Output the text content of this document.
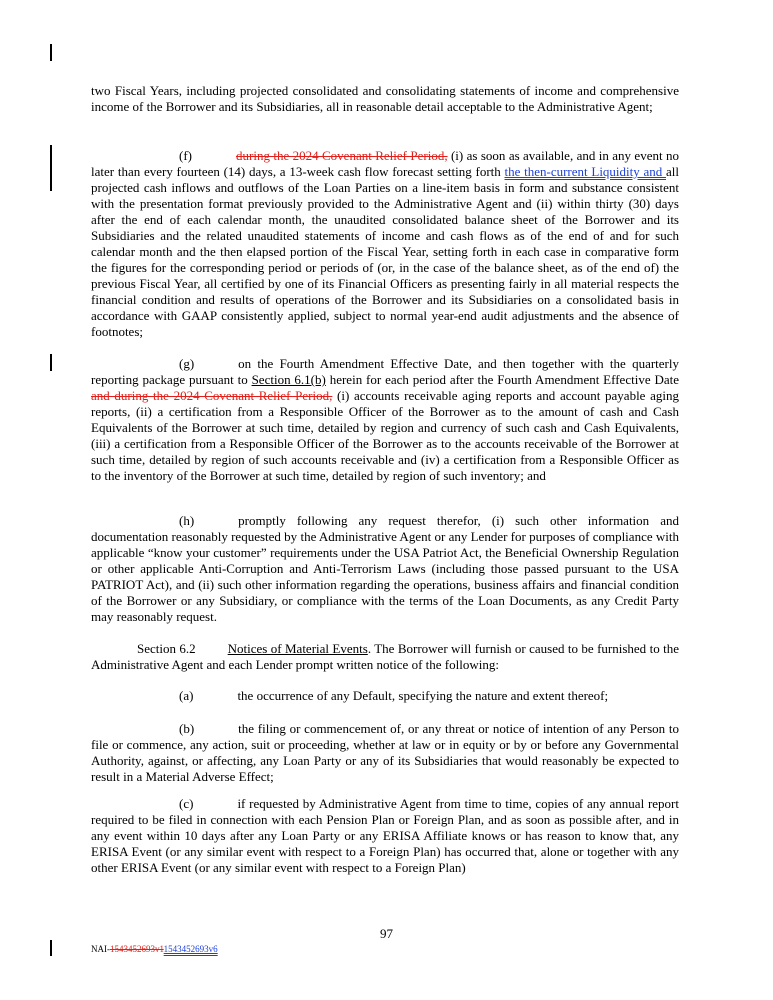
two Fiscal Years, including projected consolidated and consolidating statements of income and comprehensive income of the Borrower and its Subsidiaries, all in reasonable detail acceptable to the Administrative Agent;

(f)	during the 2024 Covenant Relief Period, (i) as soon as available, and in any event no later than every fourteen (14) days, a 13-week cash flow forecast setting forth the then-current Liquidity and all projected cash inflows and outflows of the Loan Parties on a line-item basis in form and substance consistent with the presentation format previously provided to the Administrative Agent and (ii) within thirty (30) days after the end of each calendar month, the unaudited consolidated balance sheet of the Borrower and its Subsidiaries and the related unaudited statements of income and cash flows as of the end of and for such calendar month and the then elapsed portion of the Fiscal Year, setting forth in each case in comparative form the figures for the corresponding period or periods of (or, in the case of the balance sheet, as of the end of) the previous Fiscal Year, all certified by one of its Financial Officers as presenting fairly in all material respects the financial condition and results of operations of the Borrower and its Subsidiaries on a consolidated basis in accordance with GAAP consistently applied, subject to normal year-end audit adjustments and the absence of footnotes;

(g)	on the Fourth Amendment Effective Date, and then together with the quarterly reporting package pursuant to Section 6.1(b) herein for each period after the Fourth Amendment Effective Date and during the 2024 Covenant Relief Period, (i) accounts receivable aging reports and account payable aging reports, (ii) a certification from a Responsible Officer of the Borrower as to the amount of cash and Cash Equivalents of the Borrower at such time, detailed by region and currency of such cash and Cash Equivalents, (iii) a certification from a Responsible Officer of the Borrower as to the accounts receivable of the Borrower at such time, detailed by region of such accounts receivable and (iv) a certification from a Responsible Officer as to the inventory of the Borrower at such time, detailed by region of such inventory; and

(h)	promptly following any request therefor, (i) such other information and documentation reasonably requested by the Administrative Agent or any Lender for purposes of compliance with applicable “know your customer” requirements under the USA Patriot Act, the Beneficial Ownership Regulation or other applicable Anti-Corruption and Anti-Terrorism Laws (including those passed pursuant to the USA PATRIOT Act), and (ii) such other information regarding the operations, business affairs and financial condition of the Borrower or any Subsidiary, or compliance with the terms of the Loan Documents, as any Credit Party may reasonably request.

Section 6.2 Notices of Material Events. The Borrower will furnish or caused to be furnished to the Administrative Agent and each Lender prompt written notice of the following:

(a)	the occurrence of any Default, specifying the nature and extent thereof;

(b)	the filing or commencement of, or any threat or notice of intention of any Person to file or commence, any action, suit or proceeding, whether at law or in equity or by or before any Governmental Authority, against, or affecting, any Loan Party or any of its Subsidiaries that would reasonably be expected to result in a Material Adverse Effect;

(c)	if requested by Administrative Agent from time to time, copies of any annual report required to be filed in connection with each Pension Plan or Foreign Plan, and as soon as possible after, and in any event within 10 days after any Loan Party or any ERISA Affiliate knows or has reason to know that, any ERISA Event (or any similar event with respect to a Foreign Plan) has occurred that, alone or together with any other ERISA Event (or any similar event with respect to a Foreign Plan)

97
NAI-1543452693v11543452693v6
